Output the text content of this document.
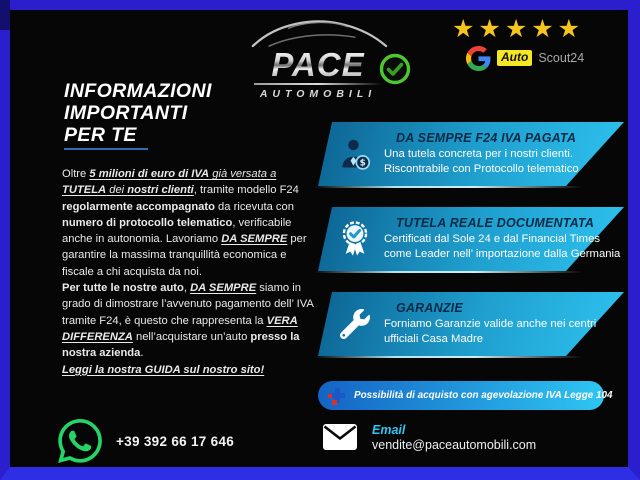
PACE
AUTOMOBILI
★★★★★
Auto Scout24
INFORMAZIONI
IMPORTANTI
PER TE
Oltre 5 milioni di euro di IVA già versata a TUTELA dei nostri clienti, tramite modello F24 regolarmente accompagnato da ricevuta con numero di protocollo telematico, verificabile anche in autonomia. Lavoriamo DA SEMPRE per garantire la massima tranquillità economica e fiscale a chi acquista da noi.
Per tutte le nostre auto, DA SEMPRE siamo in grado di dimostrare l’avvenuto pagamento dell’ IVA tramite F24, è questo che rappresenta la VERA DIFFERENZA nell’acquistare un’auto presso la nostra azienda.
Leggi la nostra GUIDA sul nostro sito!
$
DA SEMPRE F24 IVA PAGATA
Una tutela concreta per i nostri clienti.
Riscontrabile con Protocollo telematico
TUTELA REALE DOCUMENTATA
Certificati dal Sole 24 e dal Financial Times
come Leader nell’ importazione dalla Germania
GARANZIE
Forniamo Garanzie valide anche nei centri
ufficiali Casa Madre
Possibilità di acquisto con agevolazione IVA Legge 104
+39 392 66 17 646
Email
vendite@paceautomobili.com
